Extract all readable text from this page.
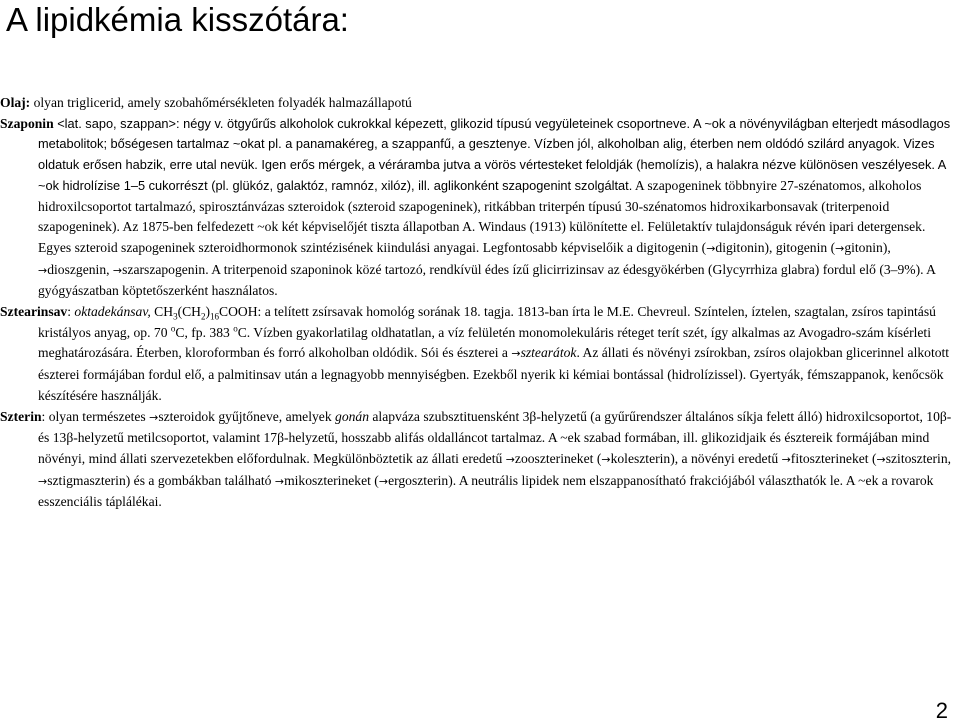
A lipidkémia kisszótára:

Olaj: olyan triglicerid, amely szobahőmérsékleten folyadék halmazállapotú

Szaponin <lat. sapo, szappan>: négy v. ötgyűrűs alkoholok cukrokkal képezett, glikozid típusú vegyületeinek csoportneve. A ~ok a növényvilágban elterjedt másodlagos metabolitok; bőségesen tartalmaz ~okat pl. a panamakéreg, a szappanfű, a gesztenye. Vízben jól, alkoholban alig, éterben nem oldódó szilárd anyagok. Vizes oldatuk erősen habzik, erre utal nevük. Igen erős mérgek, a véráramba jutva a vörös vértesteket feloldják (hemolízis), a halakra nézve különösen veszélyesek. A ~ok hidrolízise 1–5 cukorrészt (pl. glükóz, galaktóz, ramnóz, xilóz), ill. aglikonként szapogenint szolgáltat. A szapogeninek többnyire 27-szénatomos, alkoholos hidroxilcsoportot tartalmazó, spirosztánvázas szteroidok (szteroid szapogeninek), ritkábban triterpén típusú 30-szénatomos hidroxikarbonsavak (triterpenoid szapogeninek). Az 1875-ben felfedezett ~ok két képviselőjét tiszta állapotban A. Windaus (1913) különítette el. Felületaktív tulajdonságuk révén ipari detergensek. Egyes szteroid szapogeninek szteroidhormonok szintézisének kiindulási anyagai. Legfontosabb képviselőik a digitogenin (→digitonin), gitogenin (→gitonin), →dioszgenin, →szarszapogenin. A triterpenoid szaponinok közé tartozó, rendkívül édes ízű glicirrizinsav az édesgyökérben (Glycyrrhiza glabra) fordul elő (3–9%). A gyógyászatban köptetőszerként használatos.

Sztearinsav: oktadekánsav, $CH_3(CH_2)_{16}COOH$: a telített zsírsavak homológ sorának 18. tagja. 1813-ban írta le M.E. Chevreul. Színtelen, íztelen, szagtalan, zsíros tapintású kristályos anyag, op. 70 $^o$C, fp. 383 $^o$C. Vízben gyakorlatilag oldhatatlan, a víz felületén monomolekuláris réteget terít szét, így alkalmas az Avogadro-szám kísérleti meghatározására. Éterben, kloroformban és forró alkoholban oldódik. Sói és észterei a →sztearátok. Az állati és növényi zsírokban, zsíros olajokban glicerinnel alkotott észterei formájában fordul elő, a palmitinsav után a legnagyobb mennyiségben. Ezekből nyerik ki kémiai bontással (hidrolízissel). Gyertyák, fémszappanok, kenőcsök készítésére használják.

Szterin: olyan természetes →szteroidok gyűjtőneve, amelyek gonán alapváza szubsztituensként 3β-helyzetű (a gyűrűrendszer általános síkja felett álló) hidroxilcsoportot, 10β- és 13β-helyzetű metilcsoportot, valamint 17β-helyzetű, hosszabb alifás oldalláncot tartalmaz. A ~ek szabad formában, ill. glikozidjaik és észtereik formájában mind növényi, mind állati szervezetekben előfordulnak. Megkülönböztetik az állati eredetű →zooszterineket (→koleszterin), a növényi eredetű →fitoszterineket (→szitoszterin, →sztigmaszterin) és a gombákban található →mikoszterineket (→ergoszterin). A neutrális lipidek nem elszappanosítható frakciójából választhatók le. A ~ek a rovarok esszenciális táplálékai.

2
